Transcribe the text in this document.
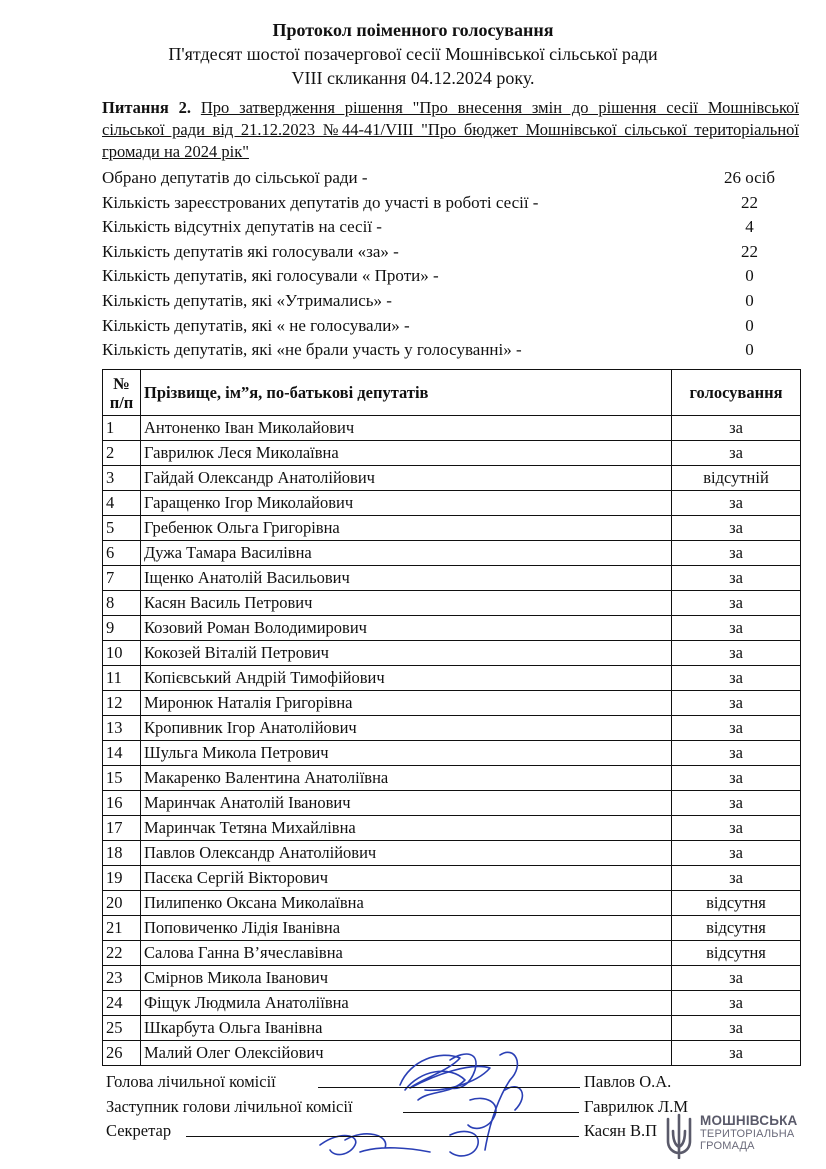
Протокол поіменного голосування
П'ятдесят шостої позачергової сесії Мошнівської сільської ради
VIII скликання 04.12.2024 року.
Питання 2. Про затвердження рішення "Про внесення змін до рішення сесії Мошнівської сільської ради від 21.12.2023 №44-41/VIII "Про бюджет Мошнівської сільської територіальної громади на 2024 рік"
Обрано депутатів до сільської ради -	26 осіб
Кількість зареєстрованих депутатів до участі в роботі сесії -	22
Кількість відсутніх депутатів на сесії -	4
Кількість депутатів які голосували «за» -	22
Кількість депутатів, які голосували « Проти» -	0
Кількість депутатів, які «Утримались» -	0
Кількість депутатів, які « не голосували» -	0
Кількість депутатів, які «не брали участь у голосуванні» -	0
№
п/п	Прізвище, ім”я, по-батькові депутатів	голосування
1	Антоненко Іван Миколайович	за
2	Гаврилюк Леся Миколаївна	за
3	Гайдай Олександр Анатолійович	відсутній
4	Гаращенко Ігор Миколайович	за
5	Гребенюк Ольга Григорівна	за
6	Дужа Тамара Василівна	за
7	Іщенко Анатолій Васильович	за
8	Касян Василь Петрович	за
9	Козовий Роман Володимирович	за
10	Кокозей Віталій Петрович	за
11	Копієвський Андрій Тимофійович	за
12	Миронюк Наталія Григорівна	за
13	Кропивник Ігор Анатолійович	за
14	Шульга Микола Петрович	за
15	Макаренко Валентина Анатоліївна	за
16	Маринчак Анатолій Іванович	за
17	Маринчак Тетяна Михайлівна	за
18	Павлов Олександр Анатолійович	за
19	Пасєка Сергій Вікторович	за
20	Пилипенко Оксана Миколаївна	відсутня
21	Поповиченко Лідія Іванівна	відсутня
22	Салова Ганна В’ячеславівна	відсутня
23	Смірнов Микола Іванович	за
24	Фіщук Людмила Анатоліївна	за
25	Шкарбута Ольга Іванівна	за
26	Малий Олег Олексійович	за
Голова лічильної комісії	Павлов О.А.
Заступник голови лічильної комісії	Гаврилюк Л.М
Секретар	Касян В.П
МОШНІВСЬКА
ТЕРИТОРІАЛЬНА
ГРОМАДА
